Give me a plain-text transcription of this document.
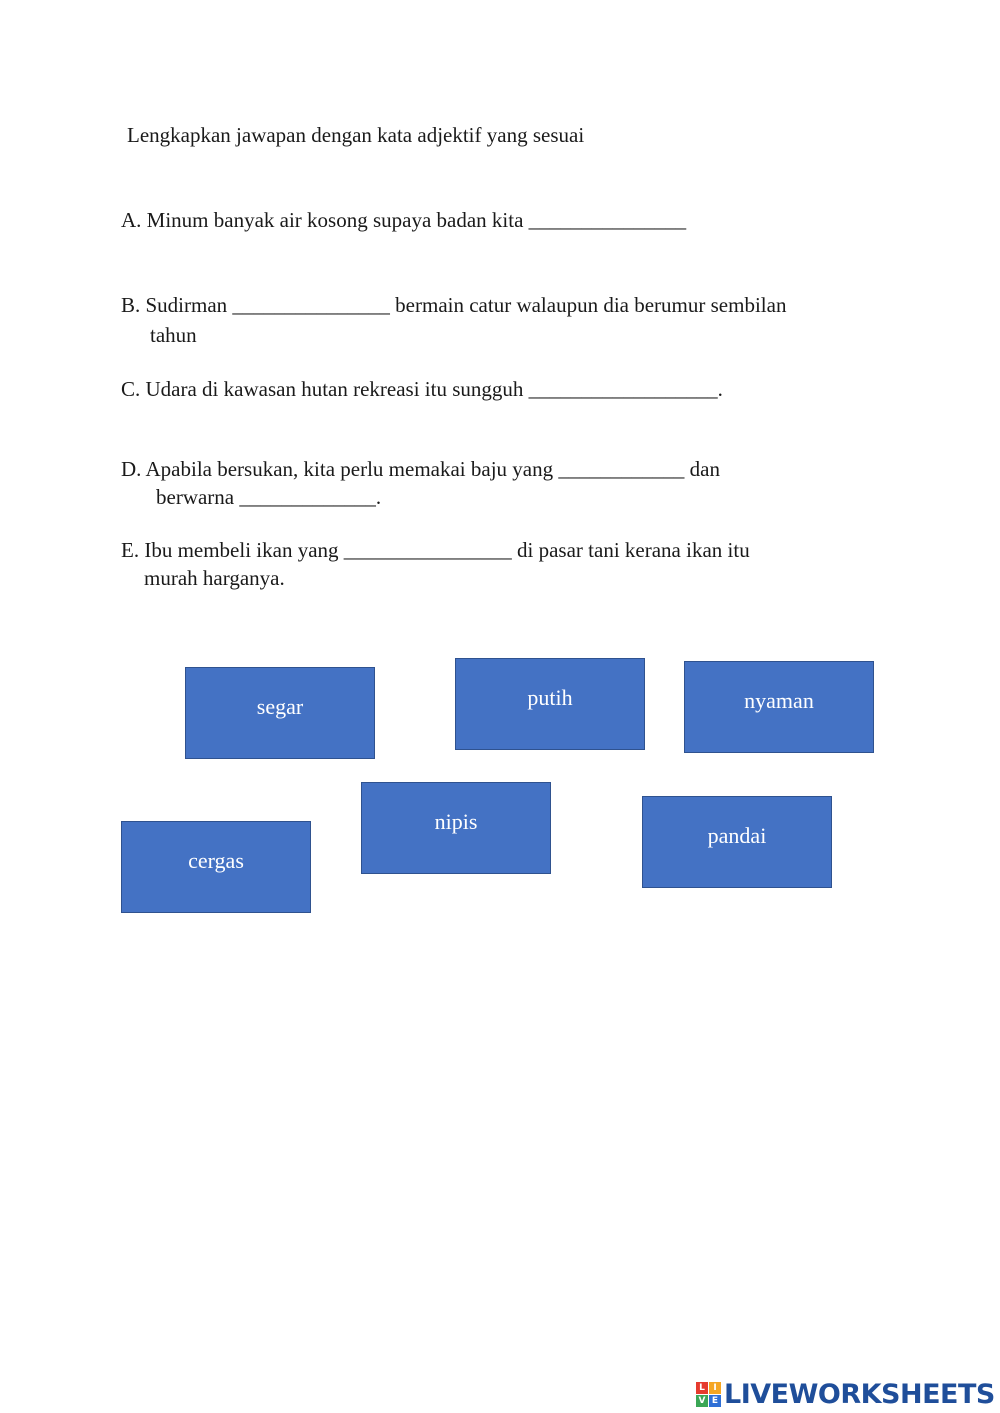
Lengkapkan jawapan dengan kata adjektif yang sesuai
A. Minum banyak air kosong supaya badan kita _______________
B. Sudirman _______________ bermain catur walaupun dia berumur sembilan
tahun
C. Udara di kawasan hutan rekreasi itu sungguh __________________.
D. Apabila bersukan, kita perlu memakai baju yang ____________ dan
berwarna _____________.
E. Ibu membeli ikan yang ________________ di pasar tani kerana ikan itu
murah harganya.
segar	putih	nyaman
nipis
pandai
cergas
L I
V E LIVEWORKSHEETS
